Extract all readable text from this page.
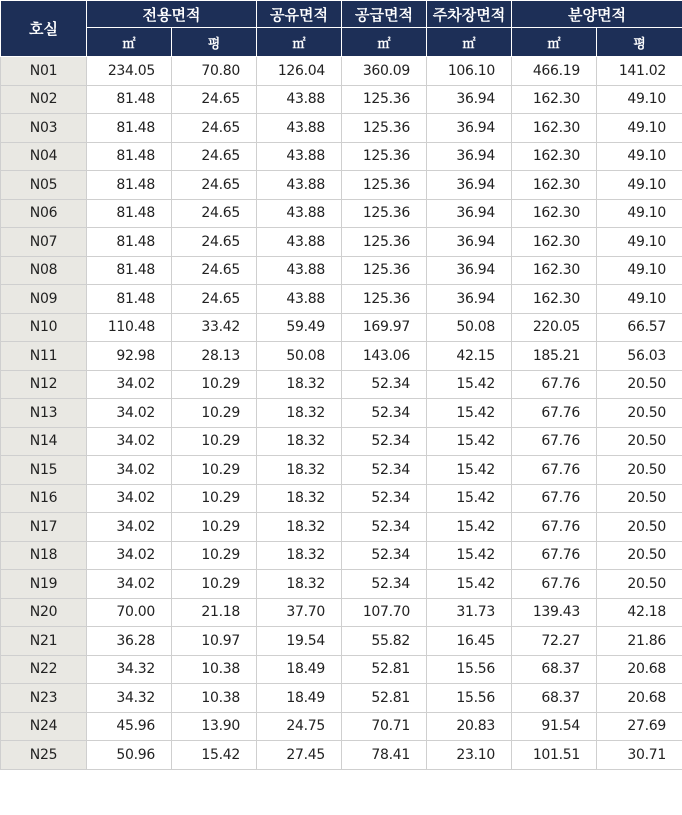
호실	전용면적		공유면적	공급면적	주차장면적	분양면적	
	㎡	평	㎡	㎡	㎡	㎡	평
N01	234.05	70.80	126.04	360.09	106.10	466.19	141.02
N02	81.48	24.65	43.88	125.36	36.94	162.30	49.10
N03	81.48	24.65	43.88	125.36	36.94	162.30	49.10
N04	81.48	24.65	43.88	125.36	36.94	162.30	49.10
N05	81.48	24.65	43.88	125.36	36.94	162.30	49.10
N06	81.48	24.65	43.88	125.36	36.94	162.30	49.10
N07	81.48	24.65	43.88	125.36	36.94	162.30	49.10
N08	81.48	24.65	43.88	125.36	36.94	162.30	49.10
N09	81.48	24.65	43.88	125.36	36.94	162.30	49.10
N10	110.48	33.42	59.49	169.97	50.08	220.05	66.57
N11	92.98	28.13	50.08	143.06	42.15	185.21	56.03
N12	34.02	10.29	18.32	52.34	15.42	67.76	20.50
N13	34.02	10.29	18.32	52.34	15.42	67.76	20.50
N14	34.02	10.29	18.32	52.34	15.42	67.76	20.50
N15	34.02	10.29	18.32	52.34	15.42	67.76	20.50
N16	34.02	10.29	18.32	52.34	15.42	67.76	20.50
N17	34.02	10.29	18.32	52.34	15.42	67.76	20.50
N18	34.02	10.29	18.32	52.34	15.42	67.76	20.50
N19	34.02	10.29	18.32	52.34	15.42	67.76	20.50
N20	70.00	21.18	37.70	107.70	31.73	139.43	42.18
N21	36.28	10.97	19.54	55.82	16.45	72.27	21.86
N22	34.32	10.38	18.49	52.81	15.56	68.37	20.68
N23	34.32	10.38	18.49	52.81	15.56	68.37	20.68
N24	45.96	13.90	24.75	70.71	20.83	91.54	27.69
N25	50.96	15.42	27.45	78.41	23.10	101.51	30.71
